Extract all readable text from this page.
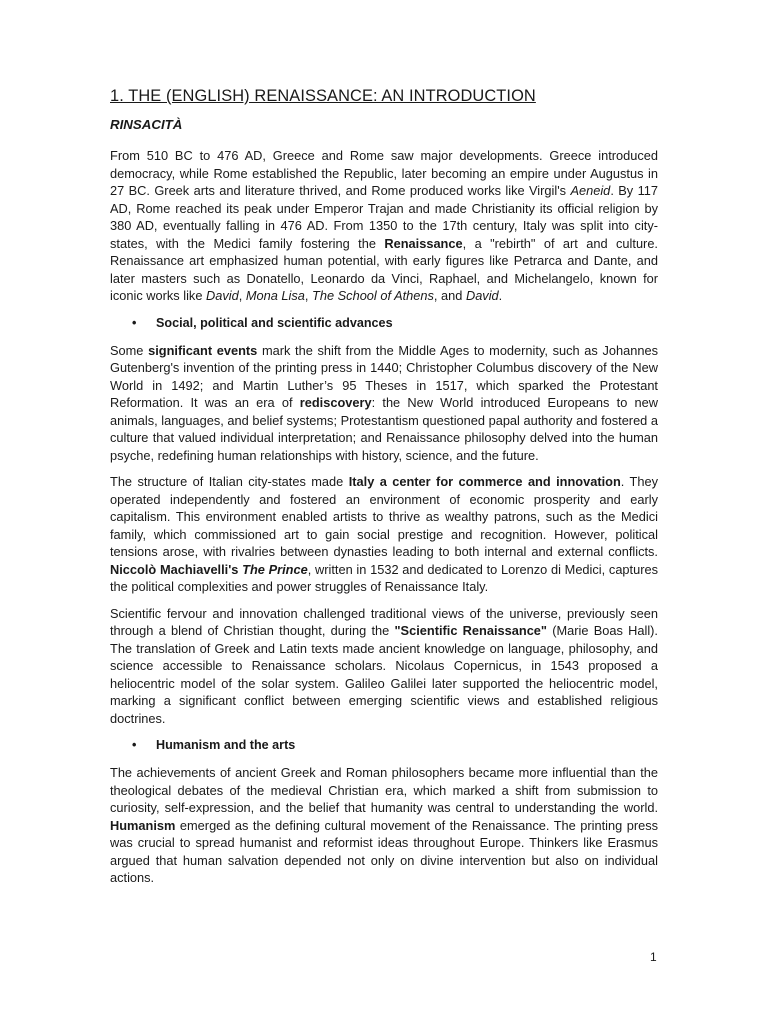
1. THE (ENGLISH) RENAISSANCE: AN INTRODUCTION
RINSACITÀ

From 510 BC to 476 AD, Greece and Rome saw major developments. Greece introduced democracy, while Rome established the Republic, later becoming an empire under Augustus in 27 BC. Greek arts and literature thrived, and Rome produced works like Virgil's Aeneid. By 117 AD, Rome reached its peak under Emperor Trajan and made Christianity its official religion by 380 AD, eventually falling in 476 AD. From 1350 to the 17th century, Italy was split into city-states, with the Medici family fostering the Renaissance, a "rebirth" of art and culture. Renaissance art emphasized human potential, with early figures like Petrarca and Dante, and later masters such as Donatello, Leonardo da Vinci, Raphael, and Michelangelo, known for iconic works like David, Mona Lisa, The School of Athens, and David.

• Social, political and scientific advances

Some significant events mark the shift from the Middle Ages to modernity, such as Johannes Gutenberg's invention of the printing press in 1440; Christopher Columbus discovery of the New World in 1492; and Martin Luther’s 95 Theses in 1517, which sparked the Protestant Reformation. It was an era of rediscovery: the New World introduced Europeans to new animals, languages, and belief systems; Protestantism questioned papal authority and fostered a culture that valued individual interpretation; and Renaissance philosophy delved into the human psyche, redefining human relationships with history, science, and the future.

The structure of Italian city-states made Italy a center for commerce and innovation. They operated independently and fostered an environment of economic prosperity and early capitalism. This environment enabled artists to thrive as wealthy patrons, such as the Medici family, which commissioned art to gain social prestige and recognition. However, political tensions arose, with rivalries between dynasties leading to both internal and external conflicts. Niccolò Machiavelli's The Prince, written in 1532 and dedicated to Lorenzo di Medici, captures the political complexities and power struggles of Renaissance Italy.

Scientific fervour and innovation challenged traditional views of the universe, previously seen through a blend of Christian thought, during the "Scientific Renaissance" (Marie Boas Hall). The translation of Greek and Latin texts made ancient knowledge on language, philosophy, and science accessible to Renaissance scholars. Nicolaus Copernicus, in 1543 proposed a heliocentric model of the solar system. Galileo Galilei later supported the heliocentric model, marking a significant conflict between emerging scientific views and established religious doctrines.

• Humanism and the arts

The achievements of ancient Greek and Roman philosophers became more influential than the theological debates of the medieval Christian era, which marked a shift from submission to curiosity, self-expression, and the belief that humanity was central to understanding the world. Humanism emerged as the defining cultural movement of the Renaissance. The printing press was crucial to spread humanist and reformist ideas throughout Europe. Thinkers like Erasmus argued that human salvation depended not only on divine intervention but also on individual actions.

1
